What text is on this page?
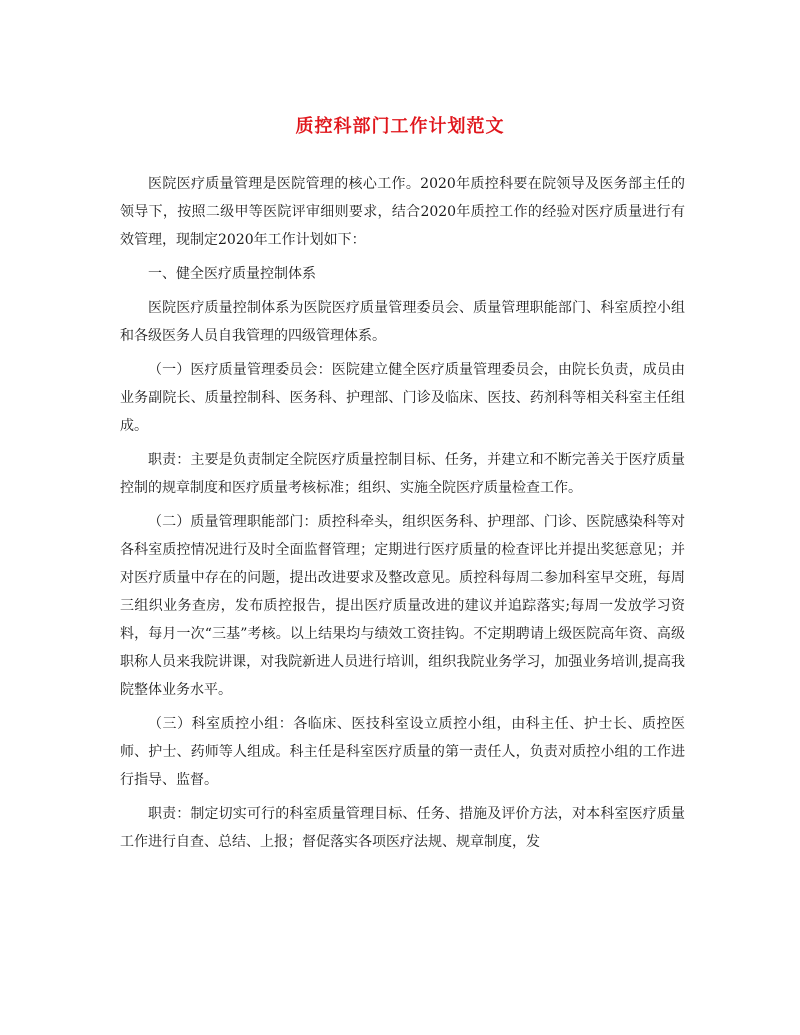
质控科部门工作计划范文

医院医疗质量管理是医院管理的核心工作。2020年质控科要在院领导及医务部主任的领导下，按照二级甲等医院评审细则要求，结合2020年质控工作的经验对医疗质量进行有效管理，现制定2020年工作计划如下：

一、健全医疗质量控制体系

医院医疗质量控制体系为医院医疗质量管理委员会、质量管理职能部门、科室质控小组和各级医务人员自我管理的四级管理体系。

（一）医疗质量管理委员会：医院建立健全医疗质量管理委员会，由院长负责，成员由业务副院长、质量控制科、医务科、护理部、门诊及临床、医技、药剂科等相关科室主任组成。

职责：主要是负责制定全院医疗质量控制目标、任务，并建立和不断完善关于医疗质量控制的规章制度和医疗质量考核标准；组织、实施全院医疗质量检查工作。

（二）质量管理职能部门：质控科牵头，组织医务科、护理部、门诊、医院感染科等对各科室质控情况进行及时全面监督管理；定期进行医疗质量的检查评比并提出奖惩意见；并对医疗质量中存在的问题，提出改进要求及整改意见。质控科每周二参加科室早交班，每周三组织业务查房，发布质控报告，提出医疗质量改进的建议并追踪落实;每周一发放学习资料，每月一次“三基”考核。以上结果均与绩效工资挂钩。不定期聘请上级医院高年资、高级职称人员来我院讲课，对我院新进人员进行培训，组织我院业务学习，加强业务培训,提高我院整体业务水平。

（三）科室质控小组：各临床、医技科室设立质控小组，由科主任、护士长、质控医师、护士、药师等人组成。科主任是科室医疗质量的第一责任人，负责对质控小组的工作进行指导、监督。

职责：制定切实可行的科室质量管理目标、任务、措施及评价方法，对本科室医疗质量工作进行自查、总结、上报；督促落实各项医疗法规、规章制度，发
